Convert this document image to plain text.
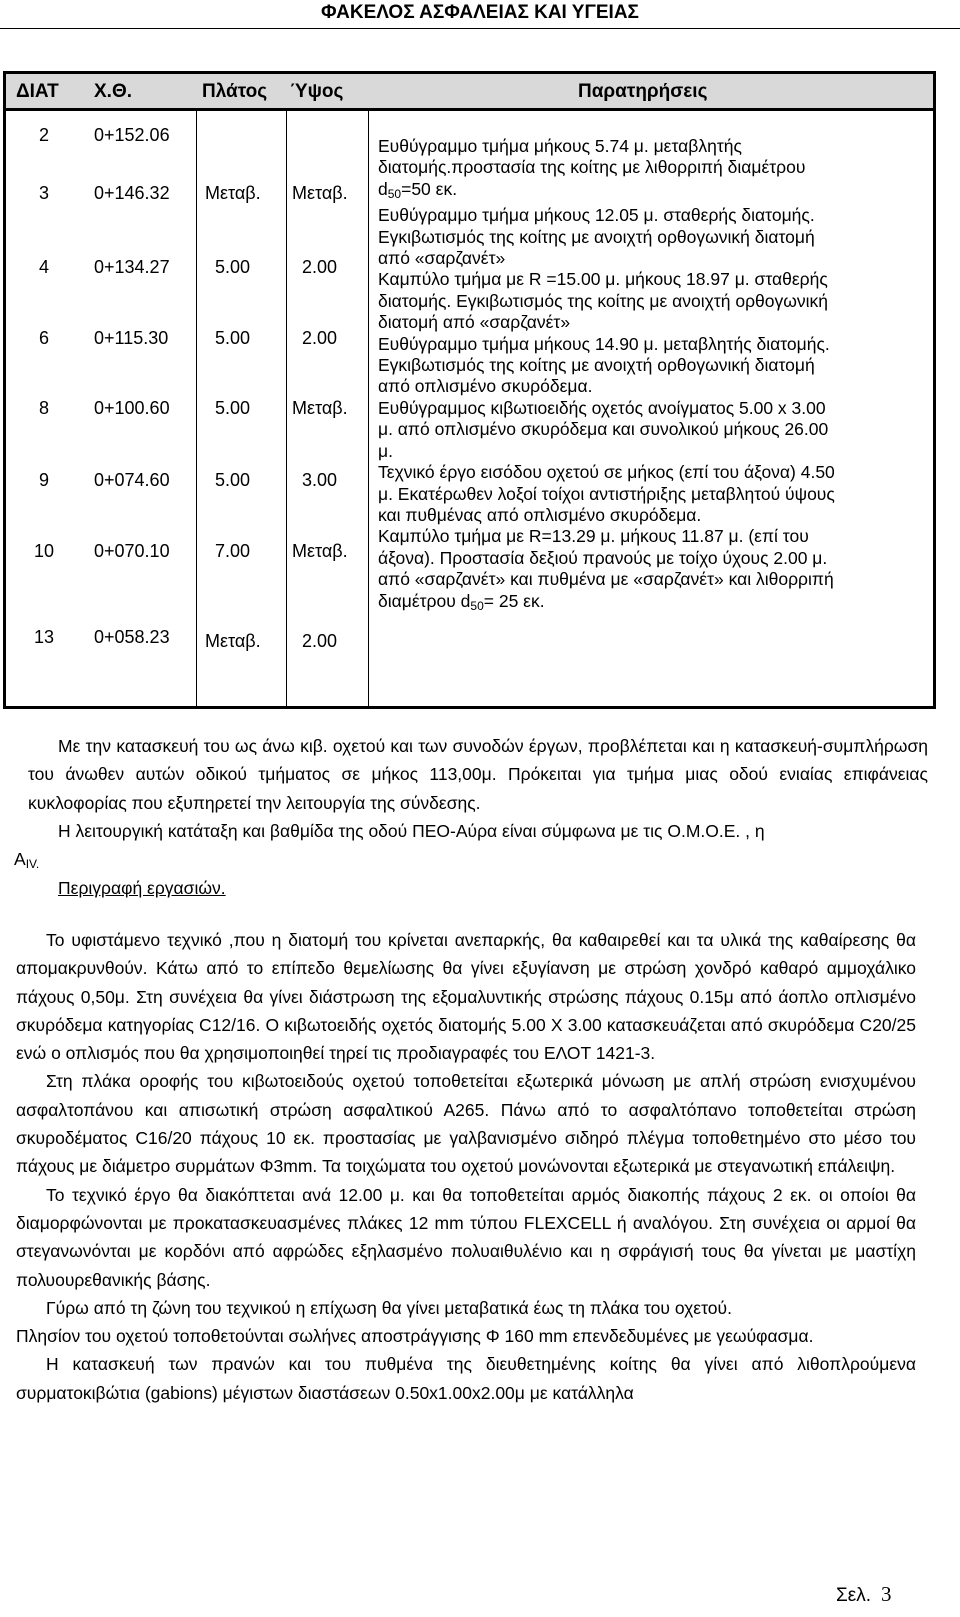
ΦΑΚΕΛΟΣ ΑΣΦΑΛΕΙΑΣ ΚΑΙ ΥΓΕΙΑΣ
ΔΙΑΤ Χ.Θ.	Πλάτος Ύψος	Παρατηρήσεις
2 0+152.06
3 0+146.32 Μεταβ. Μεταβ.
4 0+134.27	5.00	2.00
6 0+115.30	5.00	2.00
8 0+100.60	5.00 Μεταβ.
9 0+074.60	5.00	3.00
10 0+070.10	7.00 Μεταβ.
13 0+058.23 Μεταβ. 2.00
Ευθύγραμμο τμήμα μήκους 5.74 μ. μεταβλητής
διατομής.προστασία της κοίτης με λιθορριπή διαμέτρου
$d_{50}=50$ εκ.
Ευθύγραμμο τμήμα μήκους 12.05 μ. σταθερής διατομής.
Εγκιβωτισμός της κοίτης με ανοιχτή ορθογωνική διατομή
από «σαρζανέτ»
Καμπύλο τμήμα με R =15.00 μ. μήκους 18.97 μ. σταθερής
διατομής. Εγκιβωτισμός της κοίτης με ανοιχτή ορθογωνική
διατομή από «σαρζανέτ»
Ευθύγραμμο τμήμα μήκους 14.90 μ. μεταβλητής διατομής.
Εγκιβωτισμός της κοίτης με ανοιχτή ορθογωνική διατομή
από οπλισμένο σκυρόδεμα.
Ευθύγραμμος κιβωτιοειδής οχετός ανοίγματος 5.00 x 3.00
μ. από οπλισμένο σκυρόδεμα και συνολικού μήκους 26.00
μ.
Τεχνικό έργο εισόδου οχετού σε μήκος (επί του άξονα) 4.50
μ. Εκατέρωθεν λοξοί τοίχοι αντιστήριξης μεταβλητού ύψους
και πυθμένας από οπλισμένο σκυρόδεμα.
Καμπύλο τμήμα με R=13.29 μ. μήκους 11.87 μ. (επί του
άξονα). Προστασία δεξιού πρανούς με τοίχο ύχους 2.00 μ.
από «σαρζανέτ» και πυθμένα με «σαρζανέτ» και λιθορριπή
διαμέτρου $d_{50}= 25$ εκ.

Με την κατασκευή του ως άνω κιβ. οχετού και των συνοδών έργων, προβλέπεται και η κατασκευή-συμπλήρωση του άνωθεν αυτών οδικού τμήματος σε μήκος 113,00μ. Πρόκειται για τμήμα μιας οδού ενιαίας επιφάνειας κυκλοφορίας που εξυπηρετεί την λειτουργία της σύνδεσης.

Η λειτουργική κατάταξη και βαθμίδα της οδού ΠΕΟ-Αύρα είναι σύμφωνα με τις Ο.Μ.Ο.Ε. , η

$A_{IV.}$

Περιγραφή εργασιών.

Το υφιστάμενο τεχνικό ,που η διατομή του κρίνεται ανεπαρκής, θα καθαιρεθεί και τα υλικά της καθαίρεσης θα απομακρυνθούν. Κάτω από το επίπεδο θεμελίωσης θα γίνει εξυγίανση με στρώση χονδρό καθαρό αμμοχάλικο πάχους 0,50μ. Στη συνέχεια θα γίνει διάστρωση της εξομαλυντικής στρώσης πάχους 0.15μ από άοπλο οπλισμένο σκυρόδεμα κατηγορίας C12/16. Ο κιβωτοειδής οχετός διατομής 5.00 Χ 3.00 κατασκευάζεται από σκυρόδεμα C20/25 ενώ ο οπλισμός που θα χρησιμοποιηθεί τηρεί τις προδιαγραφές του ΕΛΟΤ 1421-3.

Στη πλάκα οροφής του κιβωτοειδούς οχετού τοποθετείται εξωτερικά μόνωση με απλή στρώση ενισχυμένου ασφαλτοπάνου και απισωτική στρώση ασφαλτικού Α265. Πάνω από το ασφαλτόπανο τοποθετείται στρώση σκυροδέματος C16/20 πάχους 10 εκ. προστασίας με γαλβανισμένο σιδηρό πλέγμα τοποθετημένο στο μέσο του πάχους με διάμετρο συρμάτων Φ3mm. Τα τοιχώματα του οχετού μονώνονται εξωτερικά με στεγανωτική επάλειψη.

Το τεχνικό έργο θα διακόπτεται ανά 12.00 μ. και θα τοποθετείται αρμός διακοπής πάχους 2 εκ. οι οποίοι θα διαμορφώνονται με προκατασκευασμένες πλάκες 12 mm τύπου FLEXCELL ή αναλόγου. Στη συνέχεια οι αρμοί θα στεγανωνόνται με κορδόνι από αφρώδες εξηλασμένο πολυαιθυλένιο και η σφράγισή τους θα γίνεται με μαστίχη πολυουρεθανικής βάσης.

Γύρω από τη ζώνη του τεχνικού η επίχωση θα γίνει μεταβατικά έως τη πλάκα του οχετού.

Πλησίον του οχετού τοποθετούνται σωλήνες αποστράγγισης Φ 160 mm επενδεδυμένες με γεωύφασμα.

Η κατασκευή των πρανών και του πυθμένα της διευθετημένης κοίτης θα γίνει από λιθοπλρούμενα συρματοκιβώτια (gabions) μέγιστων διαστάσεων 0.50x1.00x2.00μ με κατάλληλα

Σελ. 3
